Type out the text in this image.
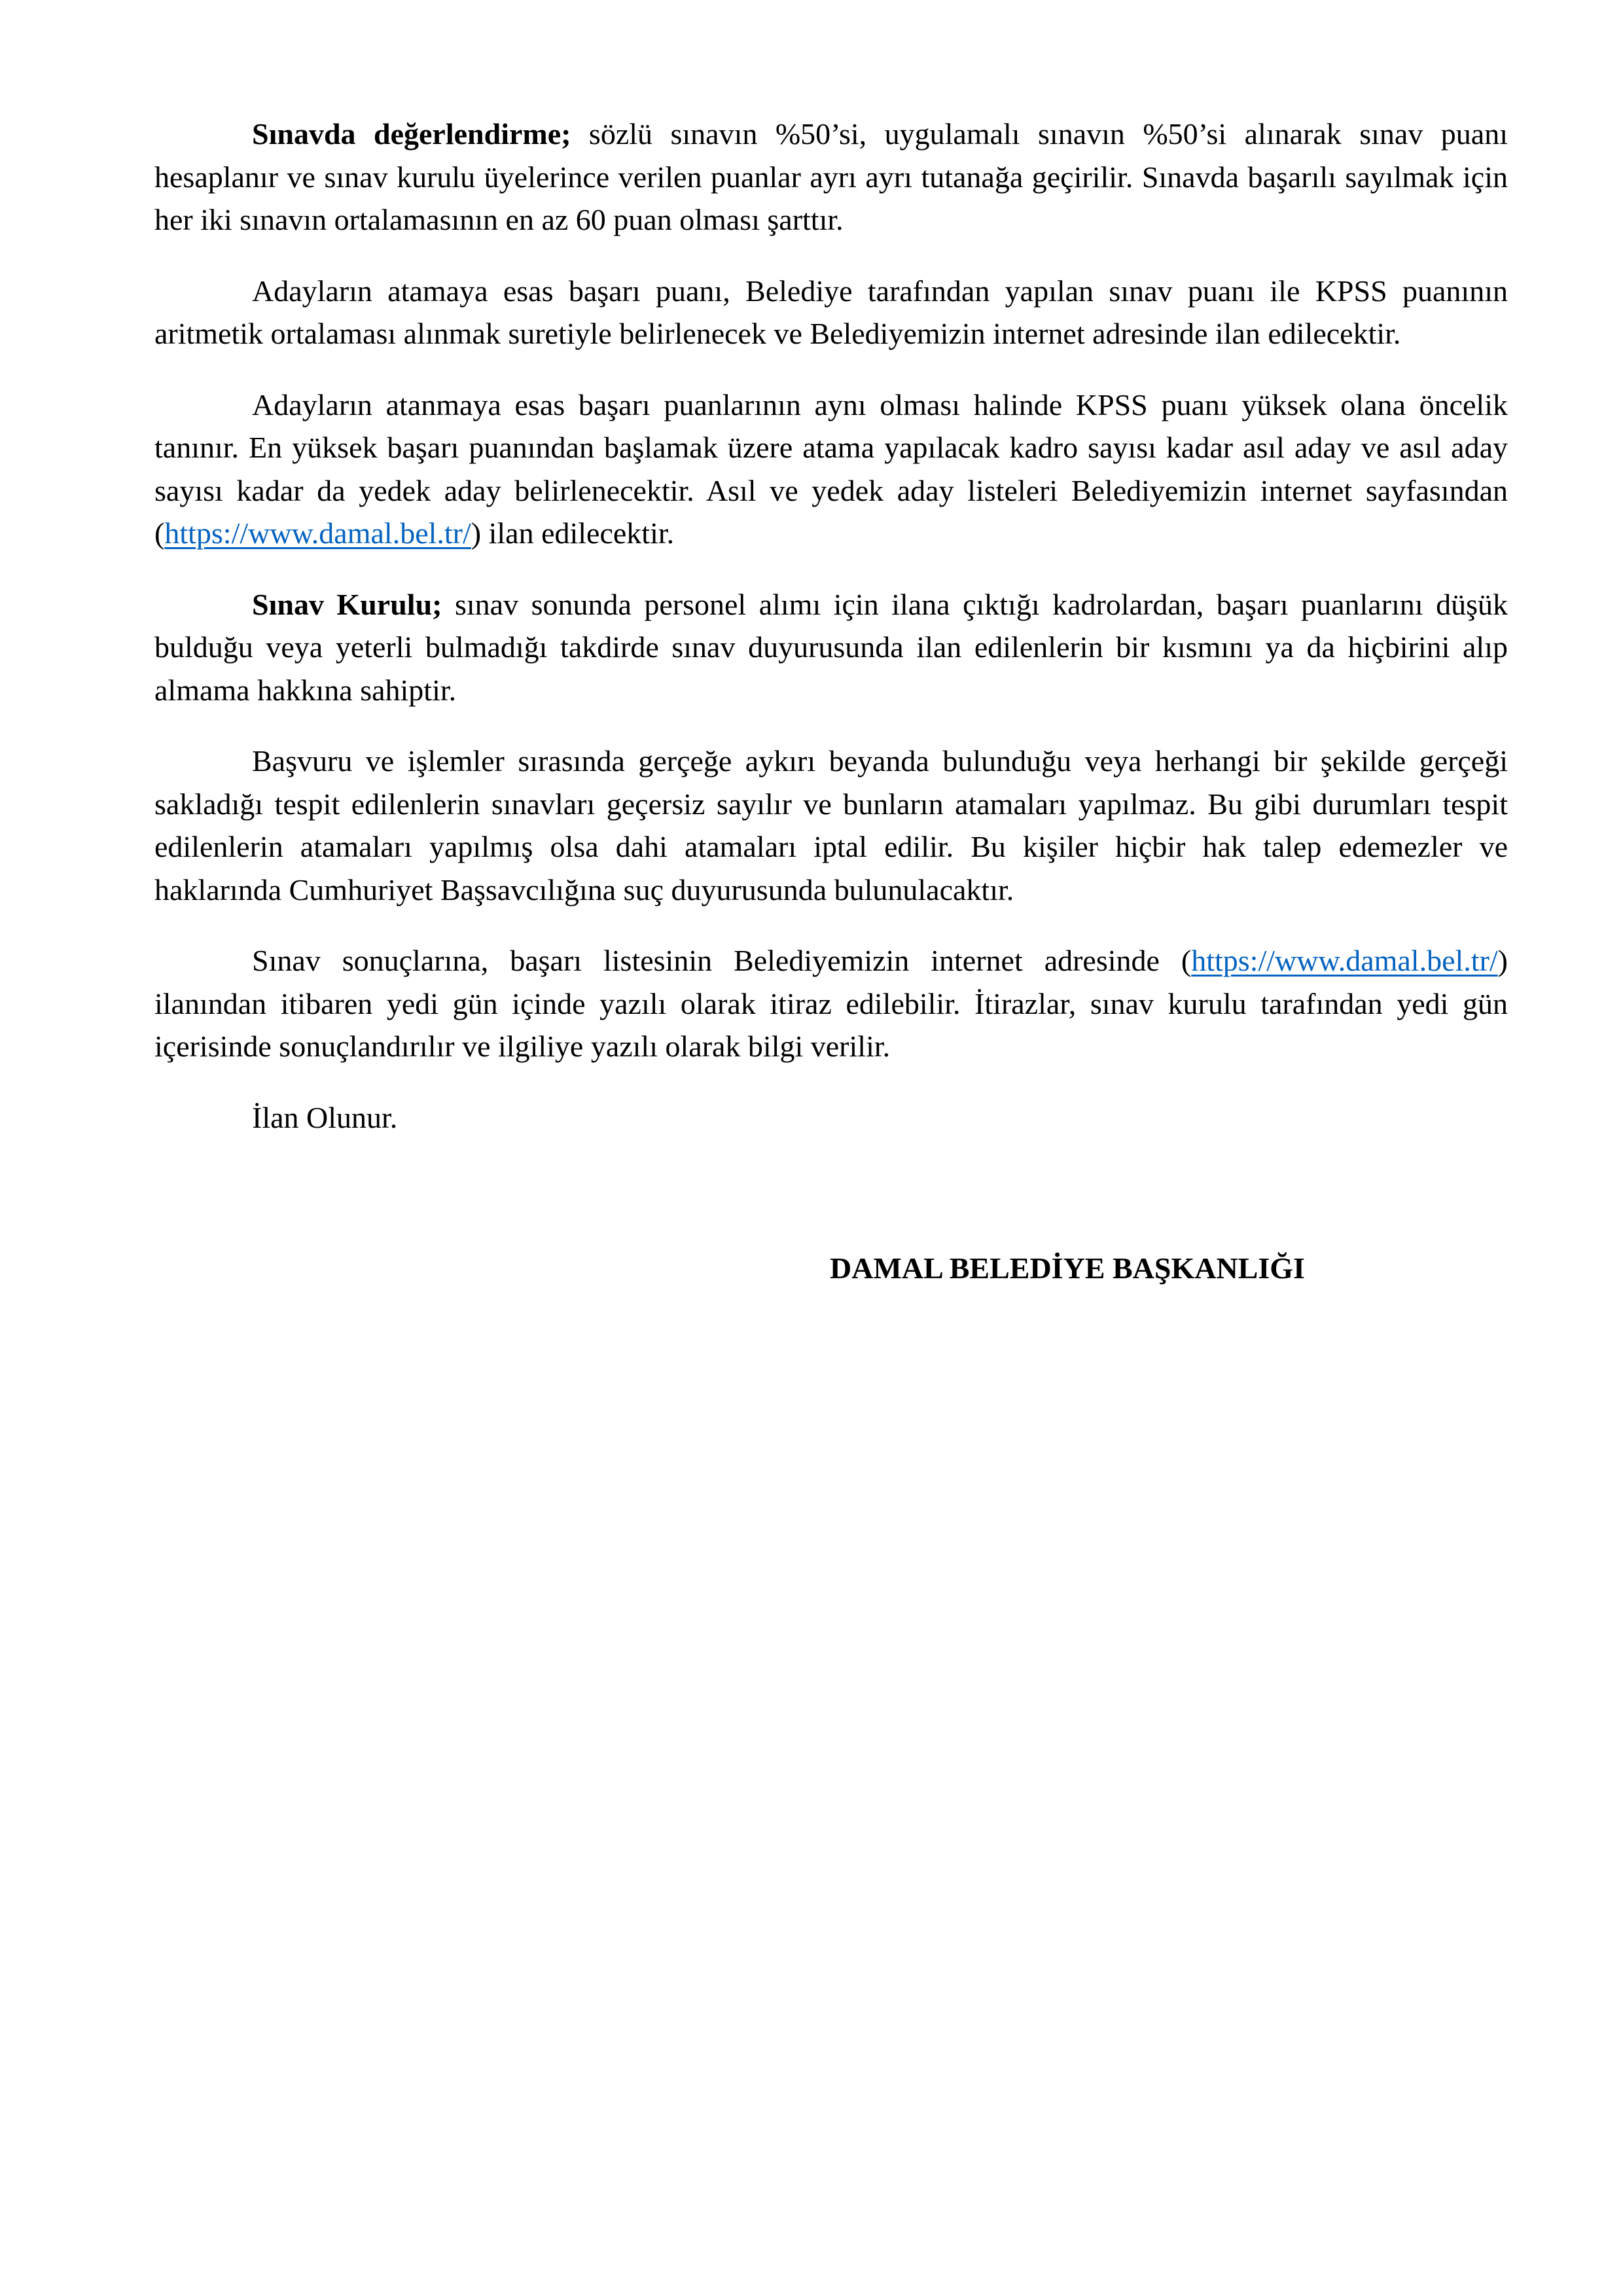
Sınavda değerlendirme; sözlü sınavın %50’si, uygulamalı sınavın %50’si alınarak sınav puanı hesaplanır ve sınav kurulu üyelerince verilen puanlar ayrı ayrı tutanağa geçirilir. Sınavda başarılı sayılmak için her iki sınavın ortalamasının en az 60 puan olması şarttır.

Adayların atamaya esas başarı puanı, Belediye tarafından yapılan sınav puanı ile KPSS puanının aritmetik ortalaması alınmak suretiyle belirlenecek ve Belediyemizin internet adresinde ilan edilecektir.

Adayların atanmaya esas başarı puanlarının aynı olması halinde KPSS puanı yüksek olana öncelik tanınır. En yüksek başarı puanından başlamak üzere atama yapılacak kadro sayısı kadar asıl aday ve asıl aday sayısı kadar da yedek aday belirlenecektir. Asıl ve yedek aday listeleri Belediyemizin internet sayfasından (https://www.damal.bel.tr/) ilan edilecektir.

Sınav Kurulu; sınav sonunda personel alımı için ilana çıktığı kadrolardan, başarı puanlarını düşük bulduğu veya yeterli bulmadığı takdirde sınav duyurusunda ilan edilenlerin bir kısmını ya da hiçbirini alıp almama hakkına sahiptir.

Başvuru ve işlemler sırasında gerçeğe aykırı beyanda bulunduğu veya herhangi bir şekilde gerçeği sakladığı tespit edilenlerin sınavları geçersiz sayılır ve bunların atamaları yapılmaz. Bu gibi durumları tespit edilenlerin atamaları yapılmış olsa dahi atamaları iptal edilir. Bu kişiler hiçbir hak talep edemezler ve haklarında Cumhuriyet Başsavcılığına suç duyurusunda bulunulacaktır.

Sınav sonuçlarına, başarı listesinin Belediyemizin internet adresinde (https://www.damal.bel.tr/) ilanından itibaren yedi gün içinde yazılı olarak itiraz edilebilir. İtirazlar, sınav kurulu tarafından yedi gün içerisinde sonuçlandırılır ve ilgiliye yazılı olarak bilgi verilir.

İlan Olunur.

DAMAL BELEDİYE BAŞKANLIĞI
